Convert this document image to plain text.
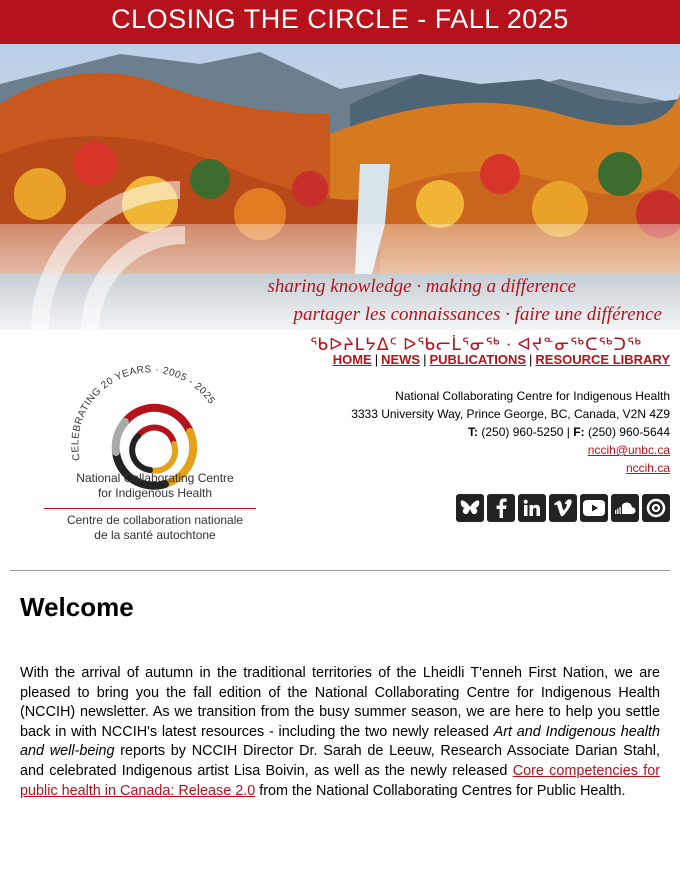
CLOSING THE CIRCLE - FALL 2025
sharing knowledge · making a difference
partager les connaissances · faire une différence
ᖃᐅᔨᒪᔭᐃᑦ ᐅᖃᓕᒫᕐᓂᖅ · ᐊᔪᓐᓂᖅᑕᖅᑐᖅ
CELEBRATING 20 YEARS · 2005 - 2025
National Collaborating Centre
for Indigenous Health
Centre de collaboration nationale
de la santé autochtone
HOME | NEWS | PUBLICATIONS | RESOURCE LIBRARY
National Collaborating Centre for Indigenous Health
3333 University Way, Prince George, BC, Canada, V2N 4Z9
T: (250) 960-5250 | F: (250) 960-5644
nccih@unbc.ca
nccih.ca
Welcome
With the arrival of autumn in the traditional territories of the Lheidli T'enneh First Nation, we are pleased to bring you the fall edition of the National Collaborating Centre for Indigenous Health (NCCIH) newsletter. As we transition from the busy summer season, we are here to help you settle back in with NCCIH's latest resources - including the two newly released Art and Indigenous health and well-being reports by NCCIH Director Dr. Sarah de Leeuw, Research Associate Darian Stahl, and celebrated Indigenous artist Lisa Boivin, as well as the newly released Core competencies for public health in Canada: Release 2.0 from the National Collaborating Centres for Public Health.
